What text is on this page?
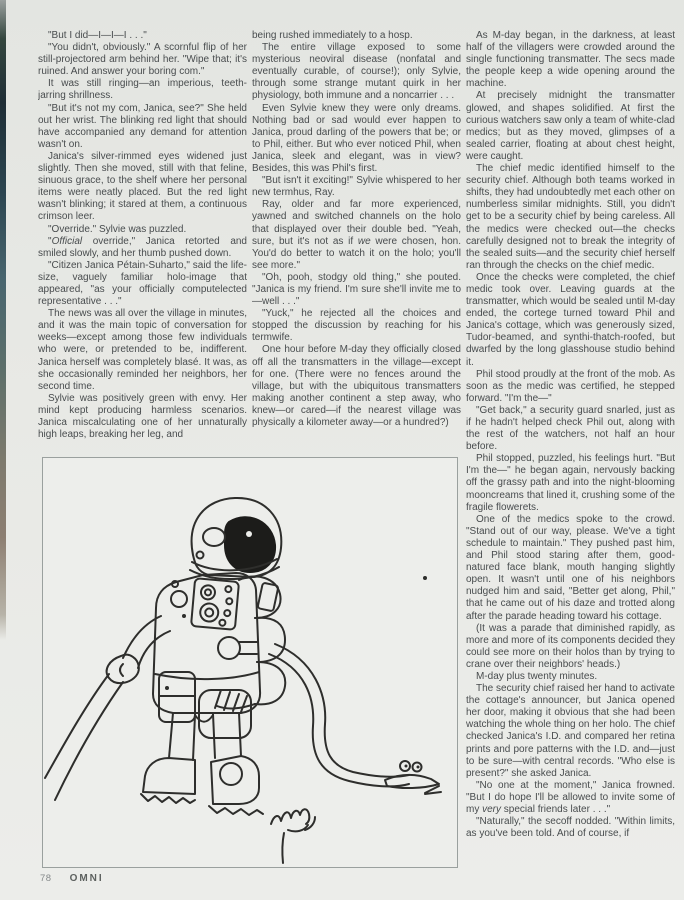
"But I did—I—I—I . . ."

"You didn't, obviously." A scornful flip of her still-projectored arm behind her. "Wipe that; it's ruined. And answer your boring com."

It was still ringing—an imperious, teeth-jarring shrillness.

"But it's not my com, Janica, see?" She held out her wrist. The blinking red light that should have accompanied any demand for attention wasn't on.

Janica's silver-rimmed eyes widened just slightly. Then she moved, still with that feline, sinuous grace, to the shelf where her personal items were neatly placed. But the red light wasn't blinking; it stared at them, a continuous crimson leer.

"Override." Sylvie was puzzled.

"Official override," Janica retorted and smiled slowly, and her thumb pushed down.

"Citizen Janica Pétain-Suharto," said the life-size, vaguely familiar holo-image that appeared, "as your officially computelected representative . . ."

The news was all over the village in minutes, and it was the main topic of conversation for weeks—except among those few individuals who were, or pretended to be, indifferent. Janica herself was completely blasé. It was, as she occasionally reminded her neighbors, her second time.

Sylvie was positively green with envy. Her mind kept producing harmless scenarios. Janica miscalculating one of her unnaturally high leaps, breaking her leg, and

being rushed immediately to a hosp.

The entire village exposed to some mysterious neoviral disease (nonfatal and eventually curable, of course!); only Sylvie, through some strange mutant quirk in her physiology, both immune and a noncarrier . . .

Even Sylvie knew they were only dreams. Nothing bad or sad would ever happen to Janica, proud darling of the powers that be; or to Phil, either. But who ever noticed Phil, when Janica, sleek and elegant, was in view? Besides, this was Phil's first.

"But isn't it exciting!" Sylvie whispered to her new termhus, Ray.

Ray, older and far more experienced, yawned and switched channels on the holo that displayed over their double bed. "Yeah, sure, but it's not as if we were chosen, hon. You'd do better to watch it on the holo; you'll see more."

"Oh, pooh, stodgy old thing," she pouted. "Janica is my friend. I'm sure she'll invite me to—well . . ."

"Yuck," he rejected all the choices and stopped the discussion by reaching for his termwife.

One hour before M-day they officially closed off all the transmatters in the village—except for one. (There were no fences around the village, but with the ubiquitous transmatters making another continent a step away, who knew—or cared—if the nearest village was physically a kilometer away—or a hundred?)

As M-day began, in the darkness, at least half of the villagers were crowded around the single functioning transmatter. The secs made the people keep a wide opening around the machine.

At precisely midnight the transmatter glowed, and shapes solidified. At first the curious watchers saw only a team of white-clad medics; but as they moved, glimpses of a sealed carrier, floating at about chest height, were caught.

The chief medic identified himself to the security chief. Although both teams worked in shifts, they had undoubtedly met each other on numberless similar midnights. Still, you didn't get to be a security chief by being careless. All the medics were checked out—the checks carefully designed not to break the integrity of the sealed suits—and the security chief herself ran through the checks on the chief medic.

Once the checks were completed, the chief medic took over. Leaving guards at the transmatter, which would be sealed until M-day ended, the cortege turned toward Phil and Janica's cottage, which was generously sized, Tudor-beamed, and synthi-thatch-roofed, but dwarfed by the long glasshouse studio behind it.

Phil stood proudly at the front of the mob. As soon as the medic was certified, he stepped forward. "I'm the—"

"Get back," a security guard snarled, just as if he hadn't helped check Phil out, along with the rest of the watchers, not half an hour before.

Phil stopped, puzzled, his feelings hurt. "But I'm the—" he began again, nervously backing off the grassy path and into the night-blooming mooncreams that lined it, crushing some of the fragile flowerets.

One of the medics spoke to the crowd. "Stand out of our way, please. We've a tight schedule to maintain." They pushed past him, and Phil stood staring after them, good-natured face blank, mouth hanging slightly open. It wasn't until one of his neighbors nudged him and said, "Better get along, Phil," that he came out of his daze and trotted along after the parade heading toward his cottage.

(It was a parade that diminished rapidly, as more and more of its components decided they could see more on their holos than by trying to crane over their neighbors' heads.)

M-day plus twenty minutes.

The security chief raised her hand to activate the cottage's announcer, but Janica opened her door, making it obvious that she had been watching the whole thing on her holo. The chief checked Janica's I.D. and compared her retina prints and pore patterns with the I.D. and—just to be sure—with central records. "Who else is present?" she asked Janica.

"No one at the moment," Janica frowned. "But I do hope I'll be allowed to invite some of my very special friends later . . ."

"Naturally," the secoff nodded. "Within limits, as you've been told. And of course, if

78 OMNI
